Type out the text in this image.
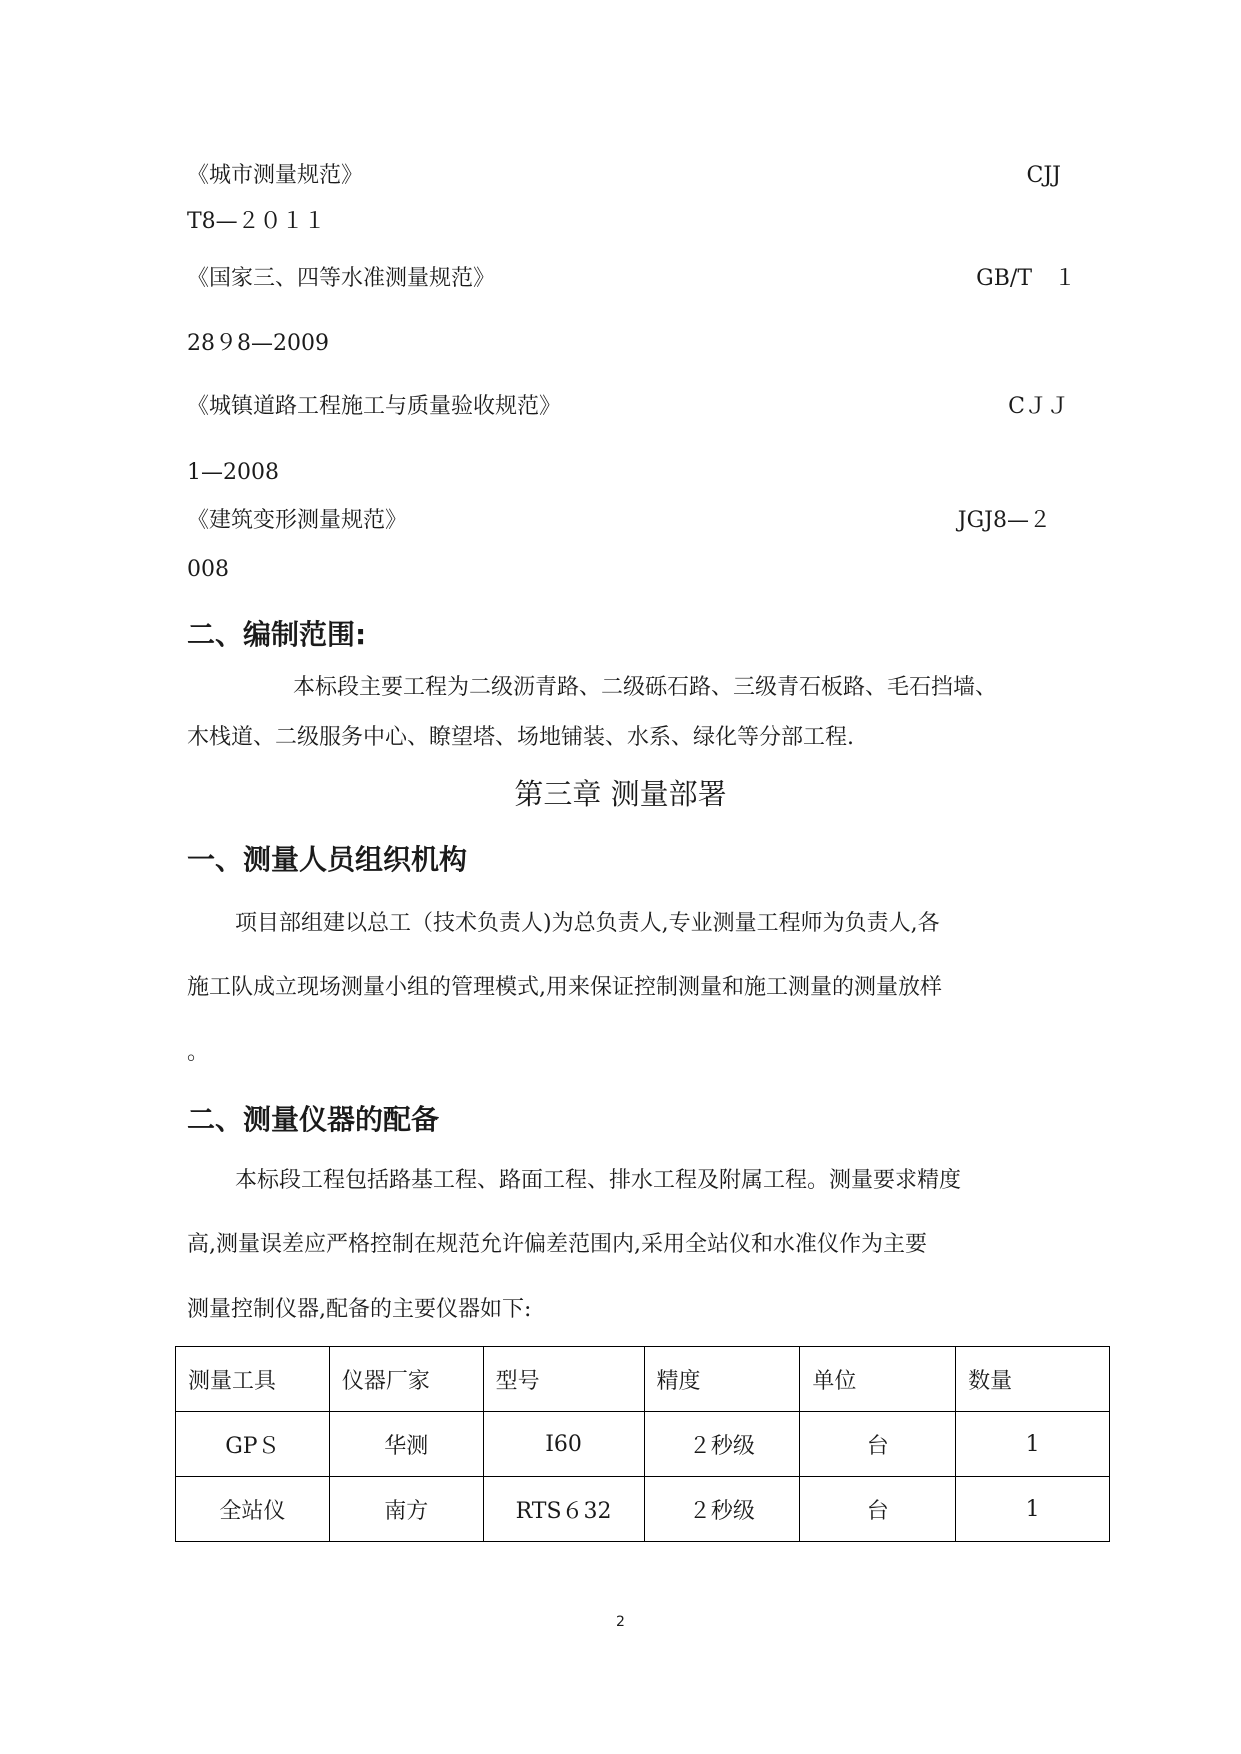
《城市测量规范》	CJJ
T8—２０１１
《国家三、四等水准测量规范》	GB/T　１
28９8—2009
《城镇道路工程施工与质量验收规范》	CＪＪ
1—2008
《建筑变形测量规范》	JGJ8—２
008
二、编制范围:
本标段主要工程为二级沥青路、二级砾石路、三级青石板路、毛石挡墙、
木栈道、二级服务中心、瞭望塔、场地铺装、水系、绿化等分部工程.
第三章 测量部署
一、测量人员组织机构
项目部组建以总工（技术负责人)为总负责人,专业测量工程师为负责人,各
施工队成立现场测量小组的管理模式,用来保证控制测量和施工测量的测量放样
。
二、测量仪器的配备
本标段工程包括路基工程、路面工程、排水工程及附属工程。测量要求精度
高,测量误差应严格控制在规范允许偏差范围内,采用全站仪和水准仪作为主要
测量控制仪器,配备的主要仪器如下:
测量工具	仪器厂家	型号	精度	单位	数量
GPＳ	华测	I60	２秒级	台	1
全站仪	南方	RTS６32	２秒级	台	1
2
